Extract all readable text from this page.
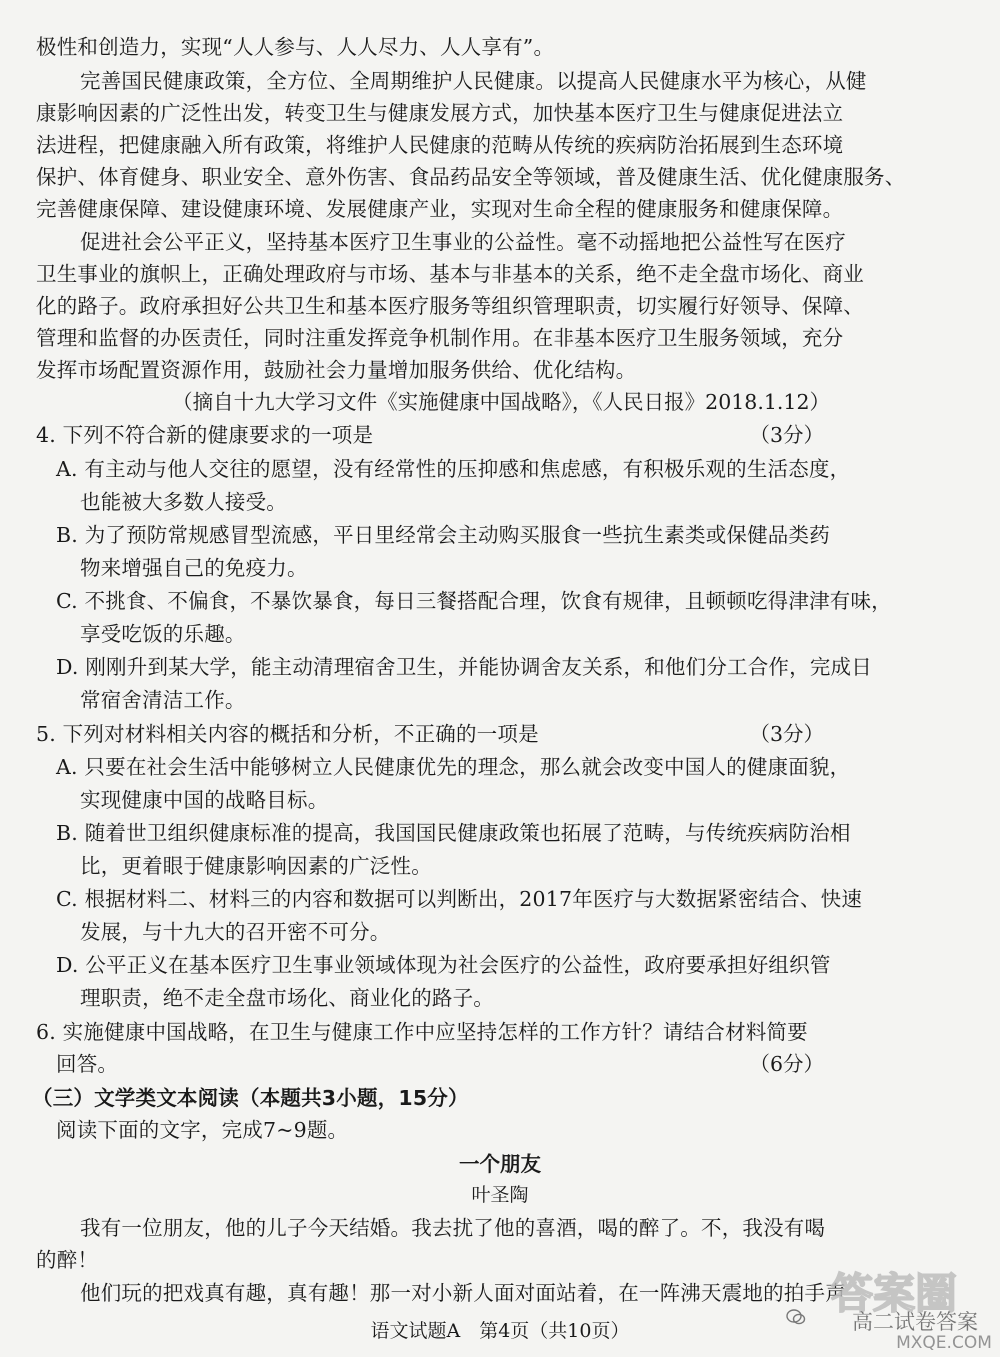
极性和创造力，实现“人人参与、人人尽力、人人享有”。
完善国民健康政策，全方位、全周期维护人民健康。以提高人民健康水平为核心，从健
康影响因素的广泛性出发，转变卫生与健康发展方式，加快基本医疗卫生与健康促进法立
法进程，把健康融入所有政策，将维护人民健康的范畴从传统的疾病防治拓展到生态环境
保护、体育健身、职业安全、意外伤害、食品药品安全等领域，普及健康生活、优化健康服务、
完善健康保障、建设健康环境、发展健康产业，实现对生命全程的健康服务和健康保障。
促进社会公平正义，坚持基本医疗卫生事业的公益性。毫不动摇地把公益性写在医疗
卫生事业的旗帜上，正确处理政府与市场、基本与非基本的关系，绝不走全盘市场化、商业
化的路子。政府承担好公共卫生和基本医疗服务等组织管理职责，切实履行好领导、保障、
管理和监督的办医责任，同时注重发挥竞争机制作用。在非基本医疗卫生服务领域，充分
发挥市场配置资源作用，鼓励社会力量增加服务供给、优化结构。
（摘自十九大学习文件《实施健康中国战略》，《人民日报》2018.1.12）
4. 下列不符合新的健康要求的一项是	（3分）
A. 有主动与他人交往的愿望，没有经常性的压抑感和焦虑感，有积极乐观的生活态度，
也能被大多数人接受。
B. 为了预防常规感冒型流感，平日里经常会主动购买服食一些抗生素类或保健品类药
物来增强自己的免疫力。
C. 不挑食、不偏食，不暴饮暴食，每日三餐搭配合理，饮食有规律，且顿顿吃得津津有味，
享受吃饭的乐趣。
D. 刚刚升到某大学，能主动清理宿舍卫生，并能协调舍友关系，和他们分工合作，完成日
常宿舍清洁工作。
5. 下列对材料相关内容的概括和分析，不正确的一项是	（3分）
A. 只要在社会生活中能够树立人民健康优先的理念，那么就会改变中国人的健康面貌，
实现健康中国的战略目标。
B. 随着世卫组织健康标准的提高，我国国民健康政策也拓展了范畴，与传统疾病防治相
比，更着眼于健康影响因素的广泛性。
C. 根据材料二、材料三的内容和数据可以判断出，2017年医疗与大数据紧密结合、快速
发展，与十九大的召开密不可分。
D. 公平正义在基本医疗卫生事业领域体现为社会医疗的公益性，政府要承担好组织管
理职责，绝不走全盘市场化、商业化的路子。
6. 实施健康中国战略，在卫生与健康工作中应坚持怎样的工作方针？请结合材料简要
回答。	（6分）
（三）文学类文本阅读（本题共3小题，15分）
阅读下面的文字，完成7~9题。
一个朋友
叶圣陶
我有一位朋友，他的儿子今天结婚。我去扰了他的喜酒，喝的醉了。不，我没有喝
的醉！
他们玩的把戏真有趣，真有趣！那一对小新人面对面站着，在一阵沸天震地的拍手声
语文试题A　第4页（共10页）
答案圈
MXQE.COM
高二试卷答案
